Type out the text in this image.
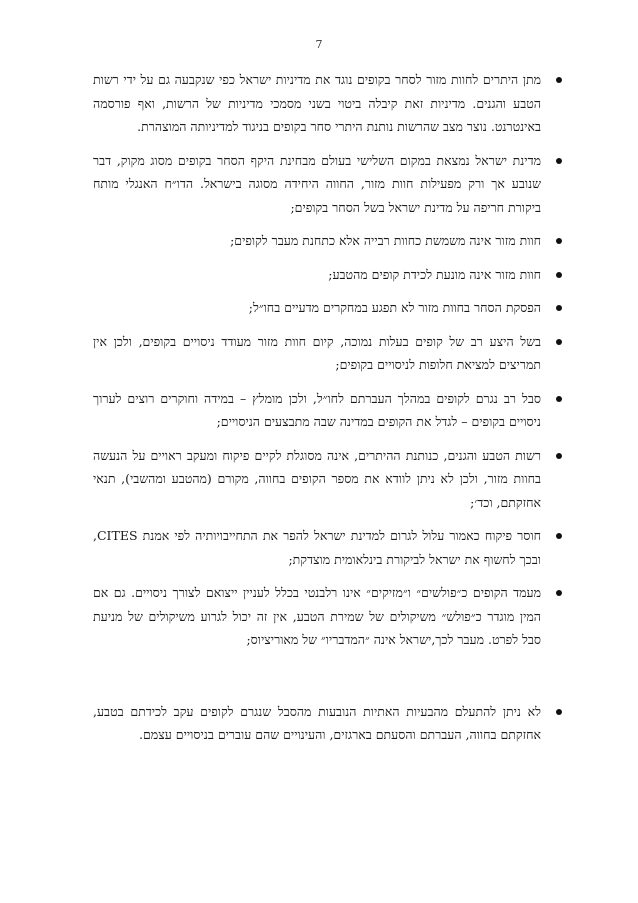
7
מתן היתרים לחוות מזור לסחר בקופים נוגד את מדיניות ישראל כפי שנקבעה גם על ידי רשות הטבע והגנים. מדיניות זאת קיבלה ביטוי בשני מסמכי מדיניות של הרשות, ואף פורסמה באינטרנט. נוצר מצב שהרשות נותנת היתרי סחר בקופים בניגוד למדיניותה המוצהרת.
מדינת ישראל נמצאת במקום השלישי בעולם מבחינת היקף הסחר בקופים מסוג מקוק, דבר שנובע אך ורק מפעילות חוות מזור, החווה היחידה מסוגה בישראל. הדו״ח האנגלי מותח ביקורת חריפה על מדינת ישראל בשל הסחר בקופים;
חוות מזור אינה משמשת כחוות רבייה אלא כתחנת מעבר לקופים;
חוות מזור אינה מונעת לכידת קופים מהטבע;
הפסקת הסחר בחוות מזור לא תפגע במחקרים מדעיים בחו״ל;
בשל היצע רב של קופים בעלות נמוכה, קיום חוות מזור מעודד ניסויים בקופים, ולכן אין תמריצים למציאת חלופות לניסויים בקופים;
סבל רב נגרם לקופים במהלך העברתם לחו״ל, ולכן מומלץ – במידה וחוקרים רוצים לערוך ניסויים בקופים – לגדל את הקופים במדינה שבה מתבצעים הניסויים;
רשות הטבע והגנים, כנותנת ההיתרים, אינה מסוגלת לקיים פיקוח ומעקב ראויים על הנעשה בחוות מזור, ולכן לא ניתן לוודא את מספר הקופים בחווה, מקורם (מהטבע ומהשבי), תנאי אחזקתם, וכד׳;
חוסר פיקוח כאמור עלול לגרום למדינת ישראל להפר את התחייבויותיה לפי אמנת CITES, ובכך לחשוף את ישראל לביקורת בינלאומית מוצדקת;
מעמד הקופים כ״פולשים״ ו״מזיקים״ אינו רלבנטי בכלל לעניין ייצואם לצורך ניסויים. גם אם המין מוגדר כ״פולש״ משיקולים של שמירת הטבע, אין זה יכול לגרוע משיקולים של מניעת סבל לפרט. מעבר לכך,ישראל אינה ״המדבריו״ של מאוריציוס;
לא ניתן להתעלם מהבעיות האתיות הנובעות מהסבל שנגרם לקופים עקב לכידתם בטבע, אחזקתם בחווה, העברתם והסעתם בארגזים, והעינויים שהם עוברים בניסויים עצמם.
